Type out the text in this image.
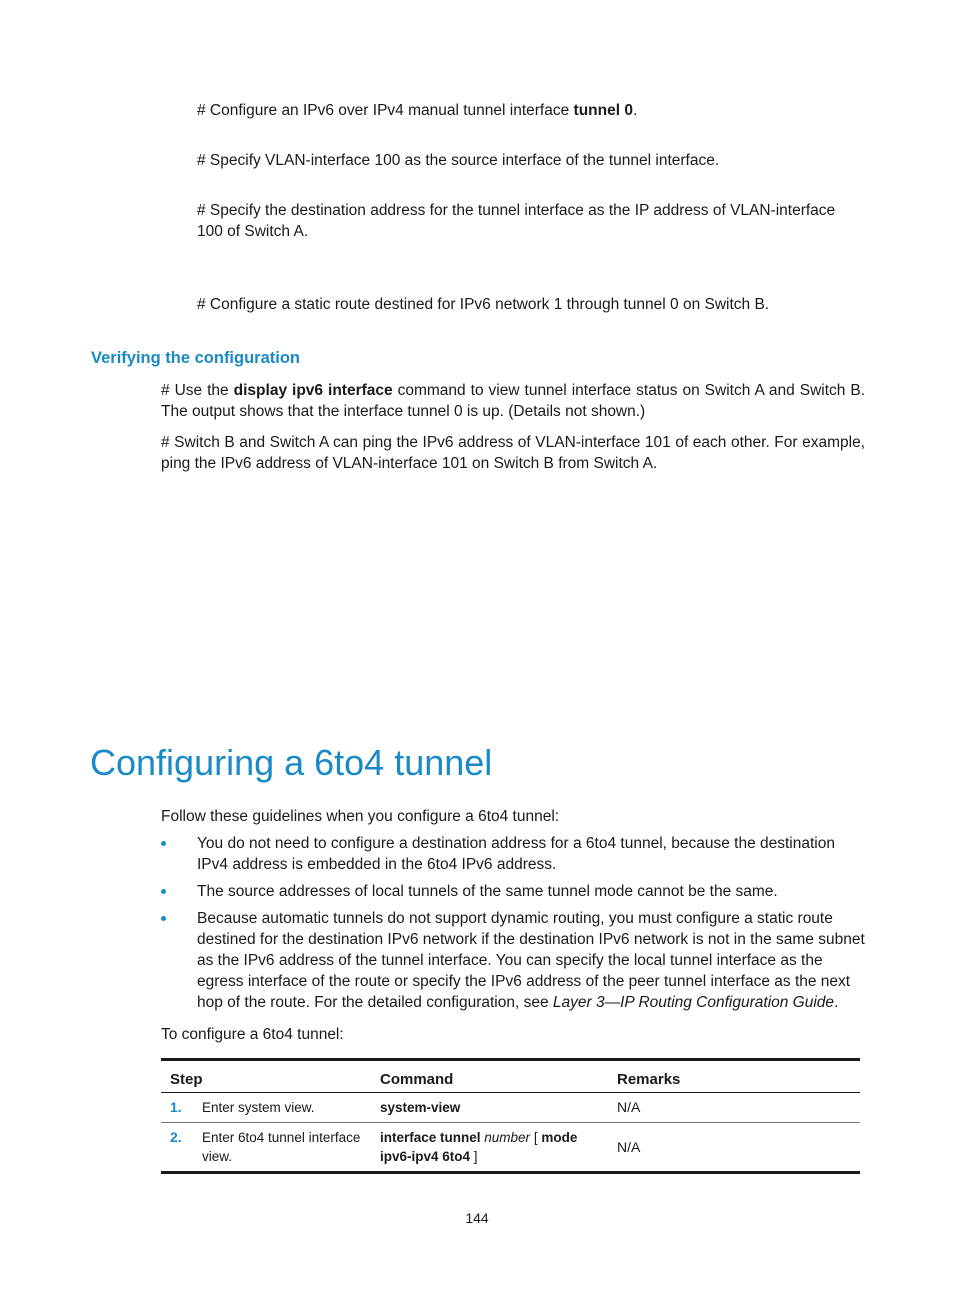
# Configure an IPv6 over IPv4 manual tunnel interface tunnel 0.

# Specify VLAN-interface 100 as the source interface of the tunnel interface.

# Specify the destination address for the tunnel interface as the IP address of VLAN-interface 100 of Switch A.

# Configure a static route destined for IPv6 network 1 through tunnel 0 on Switch B.

Verifying the configuration

# Use the display ipv6 interface command to view tunnel interface status on Switch A and Switch B. The output shows that the interface tunnel 0 is up. (Details not shown.)

# Switch B and Switch A can ping the IPv6 address of VLAN-interface 101 of each other. For example, ping the IPv6 address of VLAN-interface 101 on Switch B from Switch A.

Configuring a 6to4 tunnel

Follow these guidelines when you configure a 6to4 tunnel:

You do not need to configure a destination address for a 6to4 tunnel, because the destination IPv4 address is embedded in the 6to4 IPv6 address.
The source addresses of local tunnels of the same tunnel mode cannot be the same.
Because automatic tunnels do not support dynamic routing, you must configure a static route destined for the destination IPv6 network if the destination IPv6 network is not in the same subnet as the IPv6 address of the tunnel interface. You can specify the local tunnel interface as the egress interface of the route or specify the IPv6 address of the peer tunnel interface as the next hop of the route. For the detailed configuration, see Layer 3—IP Routing Configuration Guide.

To configure a 6to4 tunnel:

Step	Command	Remarks

1. Enter system view.	system-view	N/A

2. Enter 6to4 tunnel interface view.	interface tunnel number [ mode ipv6-ipv4 6to4 ]	N/A
144
